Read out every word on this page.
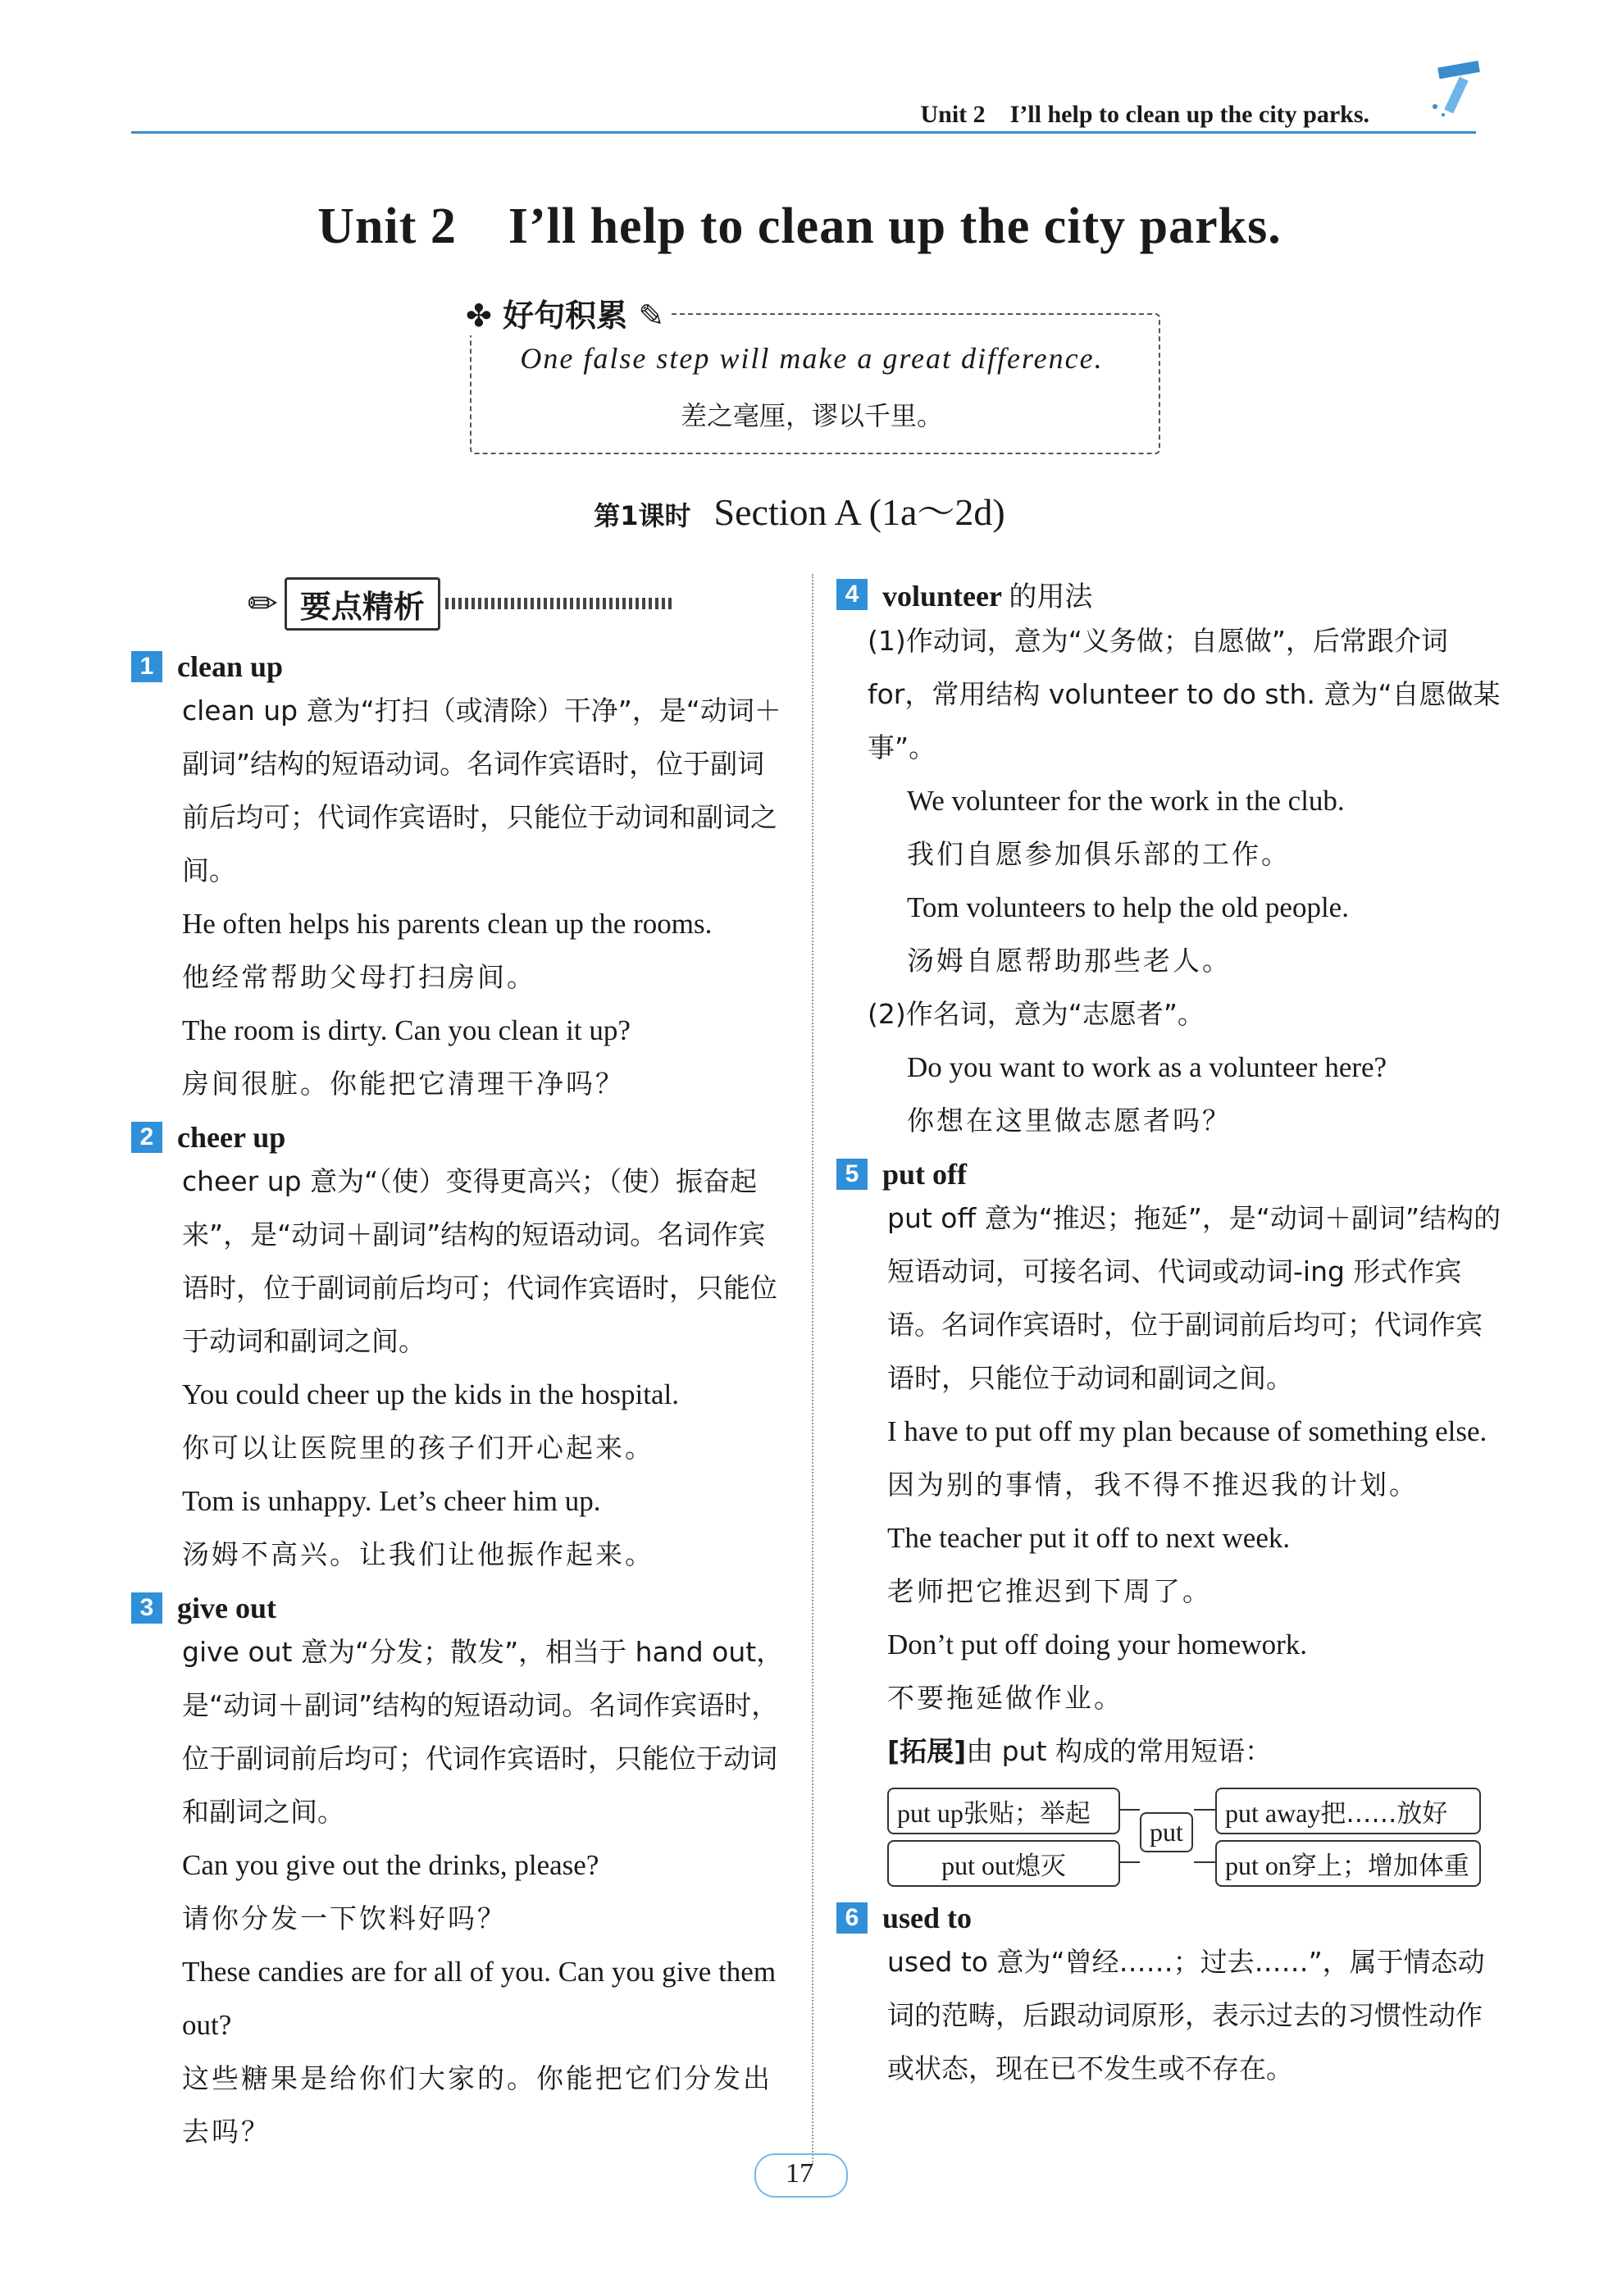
Unit 2　I’ll help to clean up the city parks.
Unit 2　I’ll help to clean up the city parks.
✤ 好句积累 ✎
One false step will make a great difference.
差之毫厘，谬以千里。
第1课时 Section A (1a～2d)
✏ 要点精析
1 clean up

clean up 意为“打扫（或清除）干净”，是“动词＋副词”结构的短语动词。名词作宾语时，位于副词前后均可；代词作宾语时，只能位于动词和副词之间。

He often helps his parents clean up the rooms.

他经常帮助父母打扫房间。

The room is dirty. Can you clean it up?

房间很脏。你能把它清理干净吗？

2 cheer up

cheer up 意为“（使）变得更高兴；（使）振奋起来”，是“动词＋副词”结构的短语动词。名词作宾语时，位于副词前后均可；代词作宾语时，只能位于动词和副词之间。

You could cheer up the kids in the hospital.

你可以让医院里的孩子们开心起来。

Tom is unhappy. Let’s cheer him up.

汤姆不高兴。让我们让他振作起来。

3 give out

give out 意为“分发；散发”，相当于 hand out，是“动词＋副词”结构的短语动词。名词作宾语时，位于副词前后均可；代词作宾语时，只能位于动词和副词之间。

Can you give out the drinks, please?

请你分发一下饮料好吗？

These candies are for all of you. Can you give them out?

这些糖果是给你们大家的。你能把它们分发出去吗？

4 volunteer 的用法

(1)作动词，意为“义务做；自愿做”，后常跟介词 for，常用结构 volunteer to do sth. 意为“自愿做某事”。

We volunteer for the work in the club.

我们自愿参加俱乐部的工作。

Tom volunteers to help the old people.

汤姆自愿帮助那些老人。

(2)作名词，意为“志愿者”。

Do you want to work as a volunteer here?

你想在这里做志愿者吗？

5 put off

put off 意为“推迟；拖延”，是“动词＋副词”结构的短语动词，可接名词、代词或动词-ing 形式作宾语。名词作宾语时，位于副词前后均可；代词作宾语时，只能位于动词和副词之间。

I have to put off my plan because of something else.

因为别的事情，我不得不推迟我的计划。

The teacher put it off to next week.

老师把它推迟到下周了。

Don’t put off doing your homework.

不要拖延做作业。

[拓展]由 put 构成的常用短语：

put up张贴；举起
put out熄灭
put
put away把……放好
put on穿上；增加体重
6 used to

used to 意为“曾经……；过去……”，属于情态动词的范畴，后跟动词原形，表示过去的习惯性动作或状态，现在已不发生或不存在。

17
